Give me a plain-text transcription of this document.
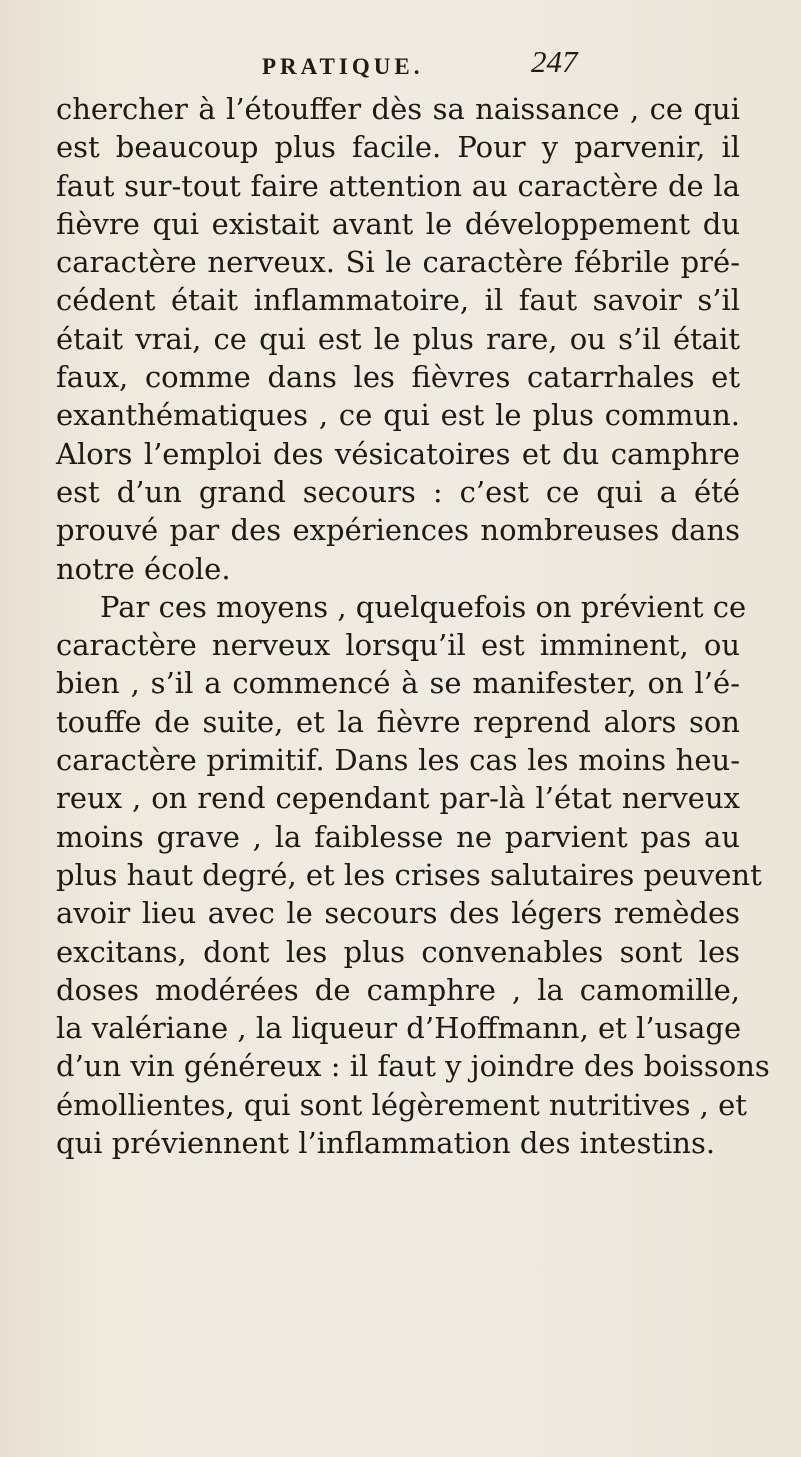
PRATIQUE.	247
chercher à l’étouffer dès sa naissance , ce qui
est beaucoup plus facile. Pour y parvenir, il
faut sur-tout faire attention au caractère de la
fièvre qui existait avant le développement du
caractère nerveux. Si le caractère fébrile pré-
cédent était inflammatoire, il faut savoir s’il
était vrai, ce qui est le plus rare, ou s’il était
faux, comme dans les fièvres catarrhales et
exanthématiques , ce qui est le plus commun.
Alors l’emploi des vésicatoires et du camphre
est d’un grand secours : c’est ce qui a été
prouvé par des expériences nombreuses dans
notre école.
Par ces moyens , quelquefois on prévient ce
caractère nerveux lorsqu’il est imminent, ou
bien , s’il a commencé à se manifester, on l’é-
touffe de suite, et la fièvre reprend alors son
caractère primitif. Dans les cas les moins heu-
reux , on rend cependant par-là l’état nerveux
moins grave , la faiblesse ne parvient pas au
plus haut degré, et les crises salutaires peuvent
avoir lieu avec le secours des légers remèdes
excitans, dont les plus convenables sont les
doses modérées de camphre , la camomille,
la valériane , la liqueur d’Hoffmann, et l’usage
d’un vin généreux : il faut y joindre des boissons
émollientes, qui sont légèrement nutritives , et
qui préviennent l’inflammation des intestins.
